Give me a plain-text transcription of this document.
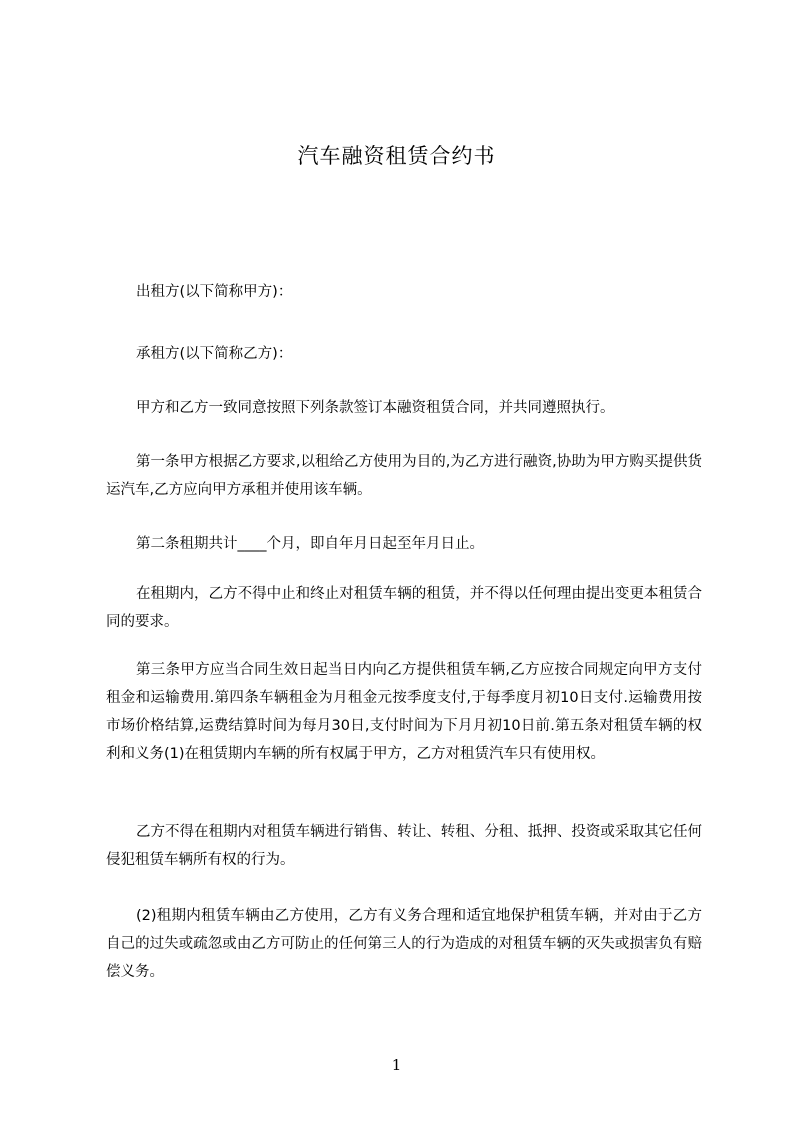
汽车融资租赁合约书

出租方(以下简称甲方)：

承租方(以下简称乙方)：

甲方和乙方一致同意按照下列条款签订本融资租赁合同，并共同遵照执行。

第一条甲方根据乙方要求,以租给乙方使用为目的,为乙方进行融资,协助为甲方购买提供货运汽车,乙方应向甲方承租并使用该车辆。

第二条租期共计____个月，即自年月日起至年月日止。

在租期内，乙方不得中止和终止对租赁车辆的租赁，并不得以任何理由提出变更本租赁合同的要求。

第三条甲方应当合同生效日起当日内向乙方提供租赁车辆,乙方应按合同规定向甲方支付租金和运输费用.第四条车辆租金为月租金元按季度支付,于每季度月初10日支付.运输费用按市场价格结算,运费结算时间为每月30日,支付时间为下月月初10日前.第五条对租赁车辆的权利和义务(1)在租赁期内车辆的所有权属于甲方，乙方对租赁汽车只有使用权。

乙方不得在租期内对租赁车辆进行销售、转让、转租、分租、抵押、投资或采取其它任何侵犯租赁车辆所有权的行为。

(2)租期内租赁车辆由乙方使用，乙方有义务合理和适宜地保护租赁车辆，并对由于乙方自己的过失或疏忽或由乙方可防止的任何第三人的行为造成的对租赁车辆的灭失或损害负有赔偿义务。

1
